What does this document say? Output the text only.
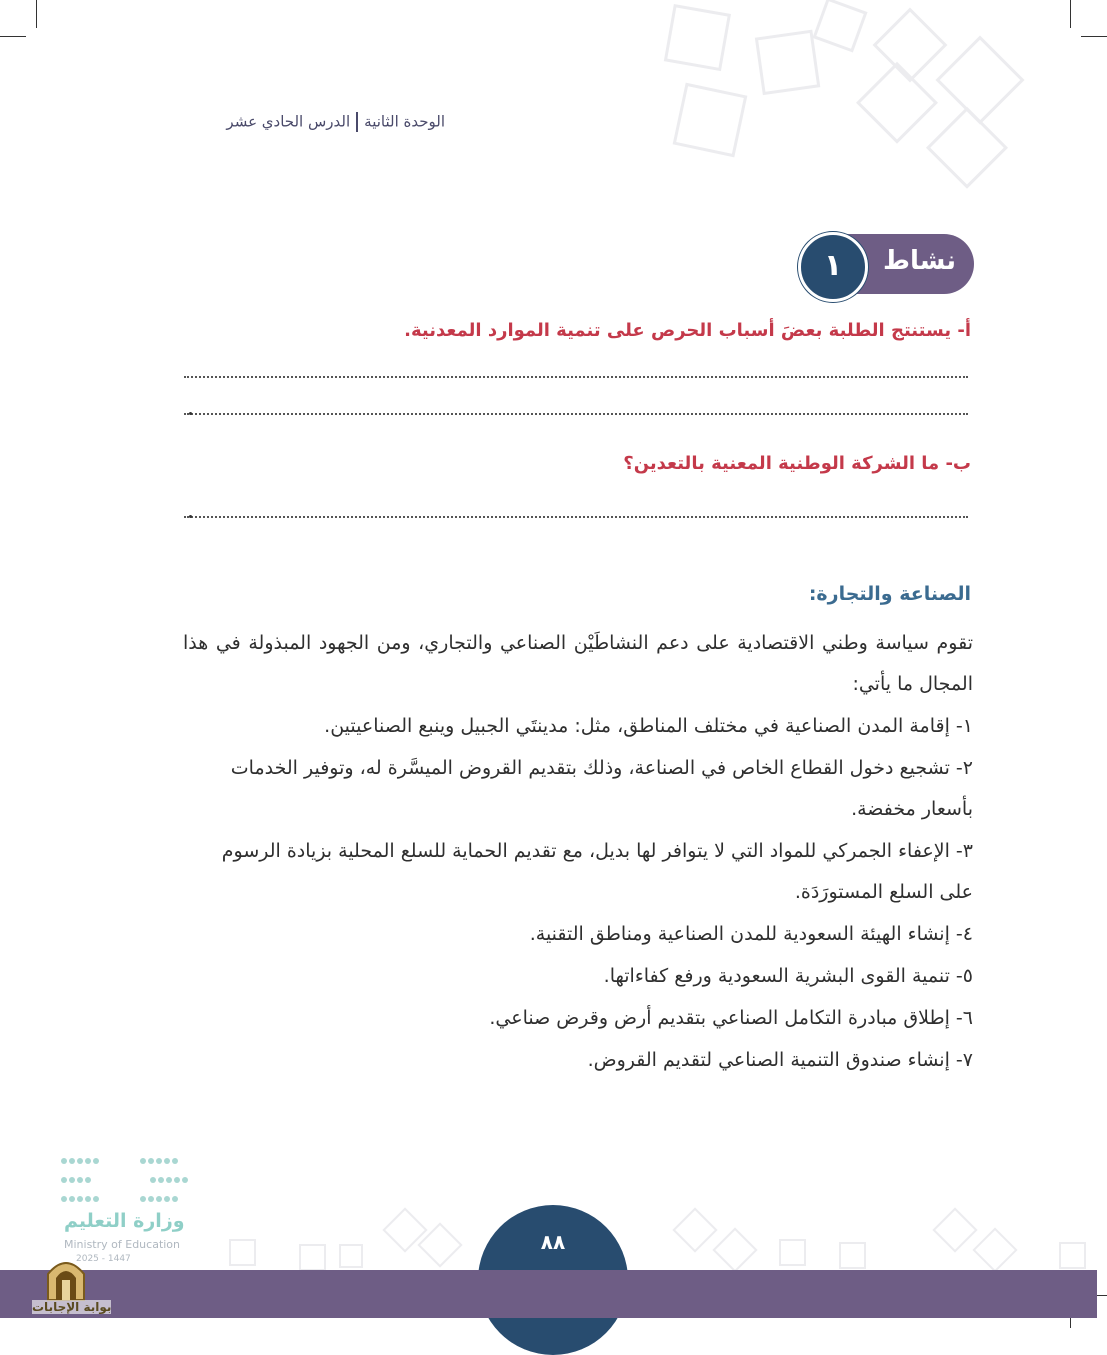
الوحدة الثانيةالدرس الحادي عشر
١	نشاط
أ- يستنتج الطلبة بعضَ أسباب الحرص على تنمية الموارد المعدنية.
ب- ما الشركة الوطنية المعنية بالتعدين؟
الصناعة والتجارة:
تقوم سياسة وطني الاقتصادية على دعم النشاطَيْن الصناعي والتجاري، ومن الجهود المبذولة في هذا المجال ما يأتي:
١- إقامة المدن الصناعية في مختلف المناطق، مثل: مدينتَي الجبيل وينبع الصناعيتين.
٢- تشجيع دخول القطاع الخاص في الصناعة، وذلك بتقديم القروض الميسَّرة له، وتوفير الخدمات بأسعار مخفضة.
٣- الإعفاء الجمركي للمواد التي لا يتوافر لها بديل، مع تقديم الحماية للسلع المحلية بزيادة الرسوم على السلع المستورَدَة.
٤- إنشاء الهيئة السعودية للمدن الصناعية ومناطق التقنية.
٥- تنمية القوى البشرية السعودية ورفع كفاءاتها.
٦- إطلاق مبادرة التكامل الصناعي بتقديم أرض وقرض صناعي.
٧- إنشاء صندوق التنمية الصناعي لتقديم القروض.

وزارة التعليم
Ministry of Education
2025 - 1447
٨٨
بوابة الإجابات
